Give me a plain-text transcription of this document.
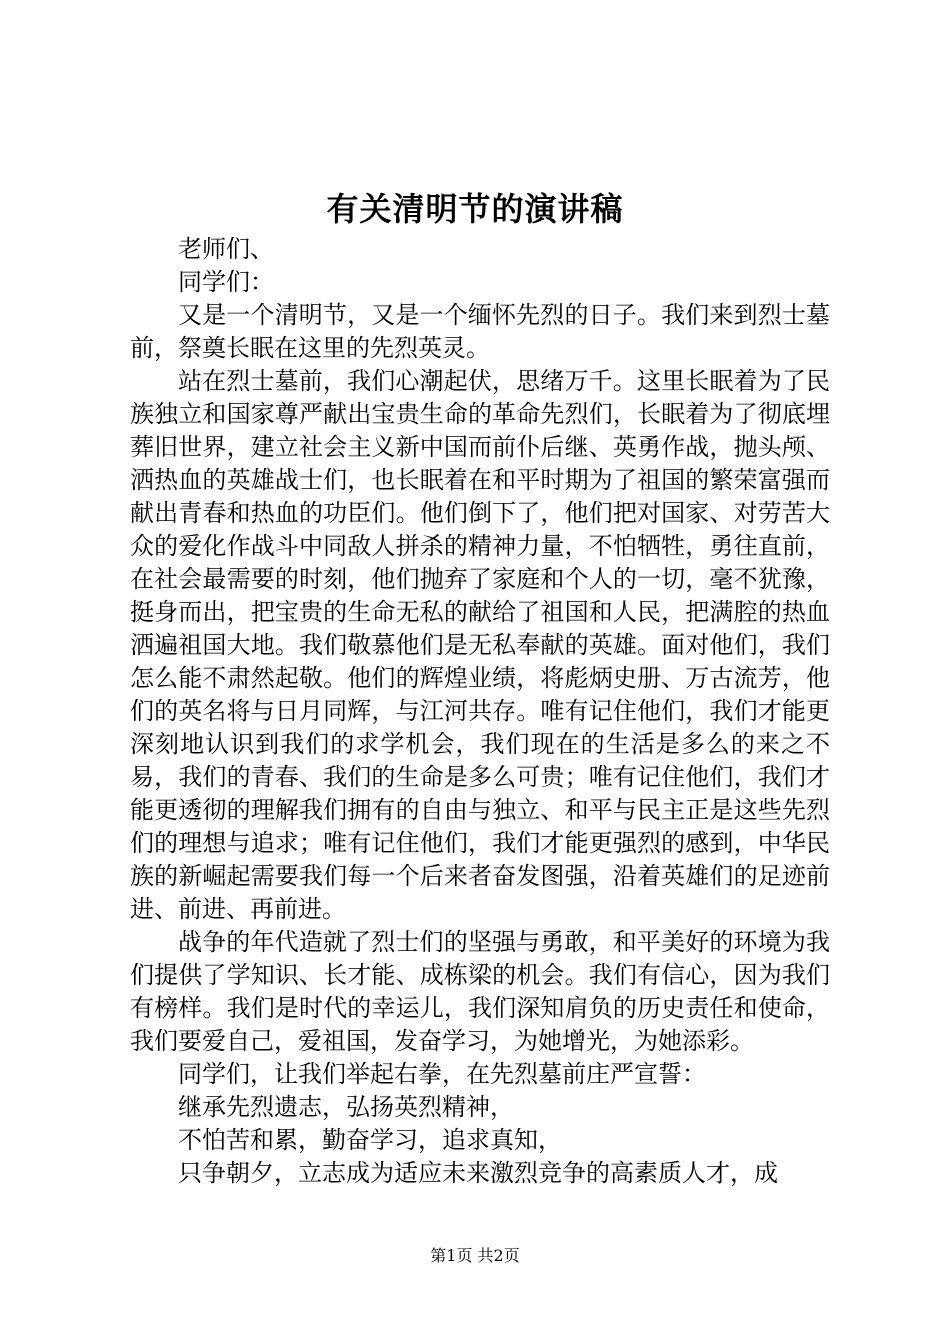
有关清明节的演讲稿

老师们、

同学们：

又是一个清明节，又是一个缅怀先烈的日子。我们来到烈士墓前，祭奠长眠在这里的先烈英灵。

站在烈士墓前，我们心潮起伏，思绪万千。这里长眠着为了民族独立和国家尊严献出宝贵生命的革命先烈们，长眠着为了彻底埋葬旧世界，建立社会主义新中国而前仆后继、英勇作战，抛头颅、洒热血的英雄战士们，也长眠着在和平时期为了祖国的繁荣富强而献出青春和热血的功臣们。他们倒下了，他们把对国家、对劳苦大众的爱化作战斗中同敌人拼杀的精神力量，不怕牺牲，勇往直前，在社会最需要的时刻，他们抛弃了家庭和个人的一切，毫不犹豫，挺身而出，把宝贵的生命无私的献给了祖国和人民，把满腔的热血洒遍祖国大地。我们敬慕他们是无私奉献的英雄。面对他们，我们怎么能不肃然起敬。他们的辉煌业绩，将彪炳史册、万古流芳，他们的英名将与日月同辉，与江河共存。唯有记住他们，我们才能更深刻地认识到我们的求学机会，我们现在的生活是多么的来之不易，我们的青春、我们的生命是多么可贵；唯有记住他们，我们才能更透彻的理解我们拥有的自由与独立、和平与民主正是这些先烈们的理想与追求；唯有记住他们，我们才能更强烈的感到，中华民族的新崛起需要我们每一个后来者奋发图强，沿着英雄们的足迹前进、前进、再前进。

战争的年代造就了烈士们的坚强与勇敢，和平美好的环境为我们提供了学知识、长才能、成栋梁的机会。我们有信心，因为我们有榜样。我们是时代的幸运儿，我们深知肩负的历史责任和使命，我们要爱自己，爱祖国，发奋学习，为她增光，为她添彩。

同学们，让我们举起右拳，在先烈墓前庄严宣誓：

继承先烈遗志，弘扬英烈精神，

不怕苦和累，勤奋学习，追求真知，

只争朝夕，立志成为适应未来激烈竞争的高素质人才，成

第1页 共2页
